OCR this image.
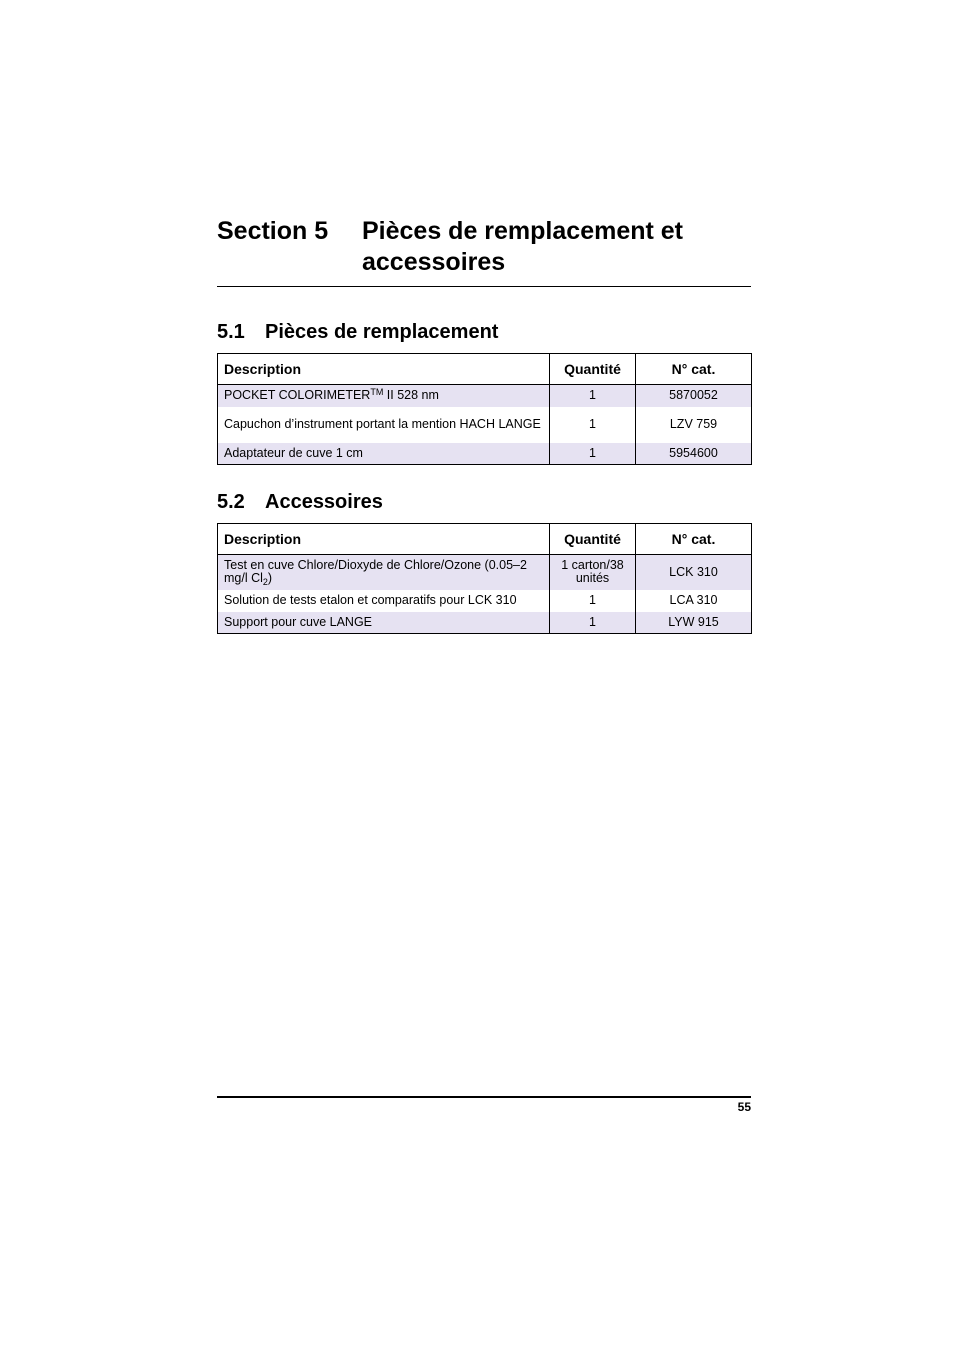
Section 5 Pièces de remplacement et accessoires
5.1 Pièces de remplacement
Description	Quantité	N° cat.
POCKET COLORIMETER™ II 528 nm	1	5870052
Capuchon d’instrument portant la mention HACH LANGE	1	LZV 759
Adaptateur de cuve 1 cm	1	5954600
5.2 Accessoires
Description	Quantité	N° cat.
Test en cuve Chlore/Dioxyde de Chlore/Ozone (0.05–2 mg/l $Cl_2$)	1 carton/38 unités	LCK 310
Solution de tests etalon et comparatifs pour LCK 310	1	LCA 310
Support pour cuve LANGE	1	LYW 915
55
